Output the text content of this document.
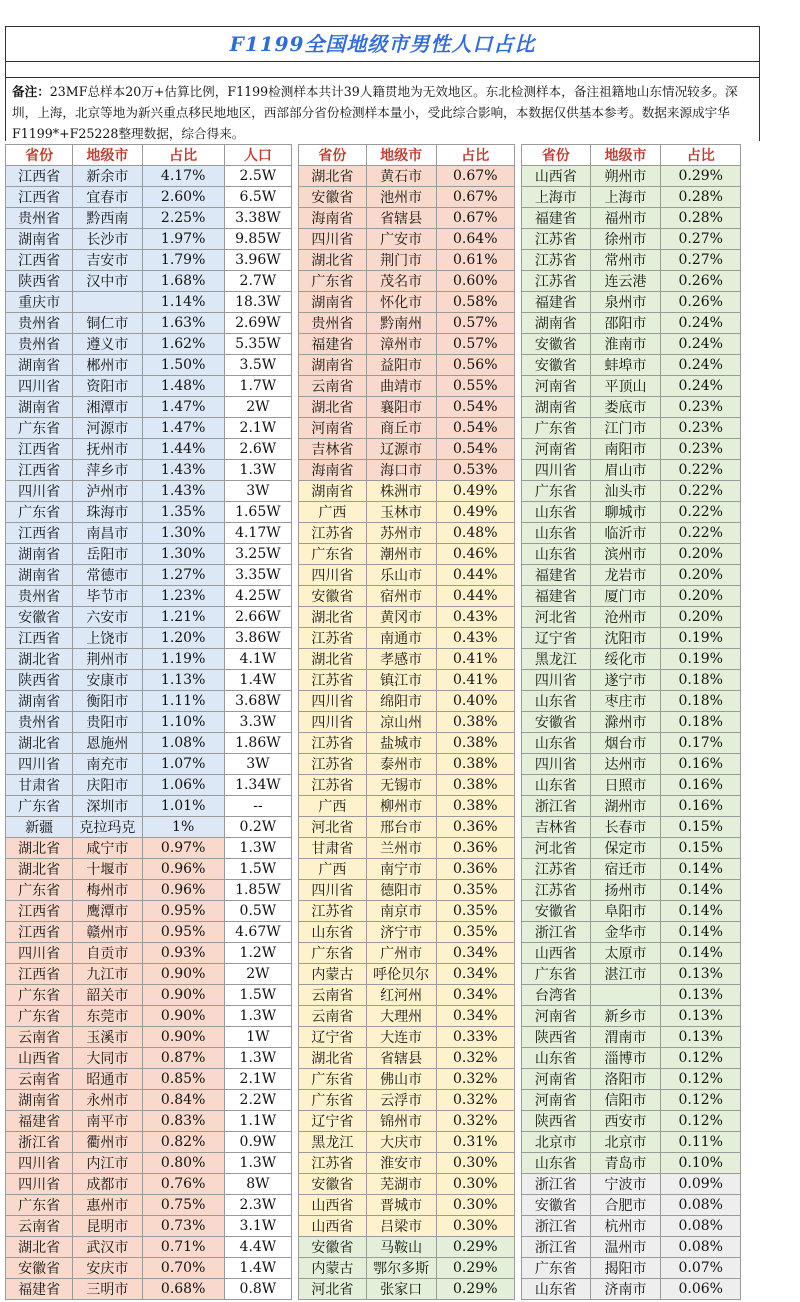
F1199全国地级市男性人口占比
备注：23MF总样本20万+估算比例，F1199检测样本共计39人籍贯地为无效地区。东北检测样本，备注祖籍地山东情况较多。深圳，上海，北京等地为新兴重点移民地地区，西部部分省份检测样本量小，受此综合影响，本数据仅供基本参考。数据来源成宇华F1199*+F25228整理数据，综合得来。
省份	地级市	占比	人口
江西省	新余市	4.17%	2.5W
江西省	宜春市	2.60%	6.5W
贵州省	黔西南	2.25%	3.38W
湖南省	长沙市	1.97%	9.85W
江西省	吉安市	1.79%	3.96W
陕西省	汉中市	1.68%	2.7W
重庆市		1.14%	18.3W
贵州省	铜仁市	1.63%	2.69W
贵州省	遵义市	1.62%	5.35W
湖南省	郴州市	1.50%	3.5W
四川省	资阳市	1.48%	1.7W
湖南省	湘潭市	1.47%	2W
广东省	河源市	1.47%	2.1W
江西省	抚州市	1.44%	2.6W
江西省	萍乡市	1.43%	1.3W
四川省	泸州市	1.43%	3W
广东省	珠海市	1.35%	1.65W
江西省	南昌市	1.30%	4.17W
湖南省	岳阳市	1.30%	3.25W
湖南省	常德市	1.27%	3.35W
贵州省	毕节市	1.23%	4.25W
安徽省	六安市	1.21%	2.66W
江西省	上饶市	1.20%	3.86W
湖北省	荆州市	1.19%	4.1W
陕西省	安康市	1.13%	1.4W
湖南省	衡阳市	1.11%	3.68W
贵州省	贵阳市	1.10%	3.3W
湖北省	恩施州	1.08%	1.86W
四川省	南充市	1.07%	3W
甘肃省	庆阳市	1.06%	1.34W
广东省	深圳市	1.01%	--
新疆	克拉玛克	1%	0.2W
湖北省	咸宁市	0.97%	1.3W
湖北省	十堰市	0.96%	1.5W
广东省	梅州市	0.96%	1.85W
江西省	鹰潭市	0.95%	0.5W
江西省	赣州市	0.95%	4.67W
四川省	自贡市	0.93%	1.2W
江西省	九江市	0.90%	2W
广东省	韶关市	0.90%	1.5W
广东省	东莞市	0.90%	1.3W
云南省	玉溪市	0.90%	1W
山西省	大同市	0.87%	1.3W
云南省	昭通市	0.85%	2.1W
湖南省	永州市	0.84%	2.2W
福建省	南平市	0.83%	1.1W
浙江省	衢州市	0.82%	0.9W
四川省	内江市	0.80%	1.3W
四川省	成都市	0.76%	8W
广东省	惠州市	0.75%	2.3W
云南省	昆明市	0.73%	3.1W
湖北省	武汉市	0.71%	4.4W
安徽省	安庆市	0.70%	1.4W
福建省	三明市	0.68%	0.8W
省份	地级市	占比
湖北省	黄石市	0.67%
安徽省	池州市	0.67%
海南省	省辖县	0.67%
四川省	广安市	0.64%
湖北省	荆门市	0.61%
广东省	茂名市	0.60%
湖南省	怀化市	0.58%
贵州省	黔南州	0.57%
福建省	漳州市	0.57%
湖南省	益阳市	0.56%
云南省	曲靖市	0.55%
湖北省	襄阳市	0.54%
河南省	商丘市	0.54%
吉林省	辽源市	0.54%
海南省	海口市	0.53%
湖南省	株洲市	0.49%
广西	玉林市	0.49%
江苏省	苏州市	0.48%
广东省	潮州市	0.46%
四川省	乐山市	0.44%
安徽省	宿州市	0.44%
湖北省	黄冈市	0.43%
江苏省	南通市	0.43%
湖北省	孝感市	0.41%
江苏省	镇江市	0.41%
四川省	绵阳市	0.40%
四川省	凉山州	0.38%
江苏省	盐城市	0.38%
江苏省	泰州市	0.38%
江苏省	无锡市	0.38%
广西	柳州市	0.38%
河北省	邢台市	0.36%
甘肃省	兰州市	0.36%
广西	南宁市	0.36%
四川省	德阳市	0.35%
江苏省	南京市	0.35%
山东省	济宁市	0.35%
广东省	广州市	0.34%
内蒙古	呼伦贝尔	0.34%
云南省	红河州	0.34%
云南省	大理州	0.34%
辽宁省	大连市	0.33%
湖北省	省辖县	0.32%
广东省	佛山市	0.32%
广东省	云浮市	0.32%
辽宁省	锦州市	0.32%
黑龙江	大庆市	0.31%
江苏省	淮安市	0.30%
安徽省	芜湖市	0.30%
山西省	晋城市	0.30%
山西省	吕梁市	0.30%
安徽省	马鞍山	0.29%
内蒙古	鄂尔多斯	0.29%
河北省	张家口	0.29%
省份	地级市	占比
山西省	朔州市	0.29%
上海市	上海市	0.28%
福建省	福州市	0.28%
江苏省	徐州市	0.27%
江苏省	常州市	0.27%
江苏省	连云港	0.26%
福建省	泉州市	0.26%
湖南省	邵阳市	0.24%
安徽省	淮南市	0.24%
安徽省	蚌埠市	0.24%
河南省	平顶山	0.24%
湖南省	娄底市	0.23%
广东省	江门市	0.23%
河南省	南阳市	0.23%
四川省	眉山市	0.22%
广东省	汕头市	0.22%
山东省	聊城市	0.22%
山东省	临沂市	0.22%
山东省	滨州市	0.20%
福建省	龙岩市	0.20%
福建省	厦门市	0.20%
河北省	沧州市	0.20%
辽宁省	沈阳市	0.19%
黑龙江	绥化市	0.19%
四川省	遂宁市	0.18%
山东省	枣庄市	0.18%
安徽省	滁州市	0.18%
山东省	烟台市	0.17%
四川省	达州市	0.16%
山东省	日照市	0.16%
浙江省	湖州市	0.16%
吉林省	长春市	0.15%
河北省	保定市	0.15%
江苏省	宿迁市	0.14%
江苏省	扬州市	0.14%
安徽省	阜阳市	0.14%
浙江省	金华市	0.14%
山西省	太原市	0.14%
广东省	湛江市	0.13%
台湾省		0.13%
河南省	新乡市	0.13%
陕西省	渭南市	0.13%
山东省	淄博市	0.12%
河南省	洛阳市	0.12%
河南省	信阳市	0.12%
陕西省	西安市	0.12%
北京市	北京市	0.11%
山东省	青岛市	0.10%
浙江省	宁波市	0.09%
安徽省	合肥市	0.08%
浙江省	杭州市	0.08%
浙江省	温州市	0.08%
广东省	揭阳市	0.07%
山东省	济南市	0.06%
